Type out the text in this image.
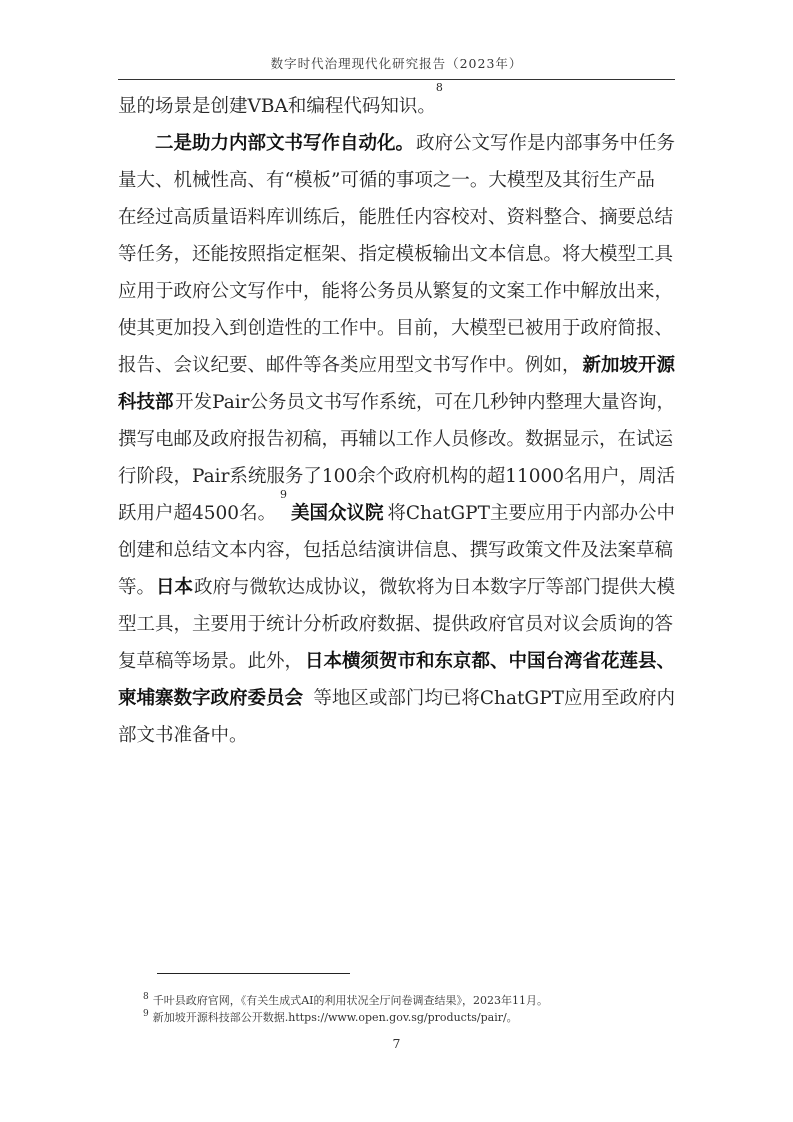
数字时代治理现代化研究报告（2023年）
显的场景是创建VBA和编程代码知识。
8
二是助力内部文书写作自动化。 政府公文写作是内部事务中任务
量大、机械性高、有“模板”可循的事项之一。大模型及其衍生产品
在经过高质量语料库训练后，能胜任内容校对、资料整合、摘要总结
等任务，还能按照指定框架、指定模板输出文本信息。将大模型工具
应用于政府公文写作中，能将公务员从繁复的文案工作中解放出来，
使其更加投入到创造性的工作中。目前，大模型已被用于政府简报、
报告、会议纪要、邮件等各类应用型文书写作中。例如， 新加坡开源
科技部 开发Pair公务员文书写作系统，可在几秒钟内整理大量咨询，
撰写电邮及政府报告初稿，再辅以工作人员修改。数据显示，在试运
行阶段，Pair系统服务了100余个政府机构的超11000名用户，周活
跃用户超4500名。
9
美国众议院 将ChatGPT主要应用于内部办公中
创建和总结文本内容，包括总结演讲信息、撰写政策文件及法案草稿
等。 日本 政府与微软达成协议，微软将为日本数字厅等部门提供大模
型工具，主要用于统计分析政府数据、提供政府官员对议会质询的答
复草稿等场景。此外， 日本横须贺市和东京都、中国台湾省花莲县、
柬埔寨数字政府委员会 等地区或部门均已将ChatGPT应用至政府内
部文书准备中。
$^8$ 千叶县政府官网，《有关生成式AI的利用状况全厅问卷调查结果》，2023年11月。
$^9$ 新加坡开源科技部公开数据.https://www.open.gov.sg/products/pair/。
7
